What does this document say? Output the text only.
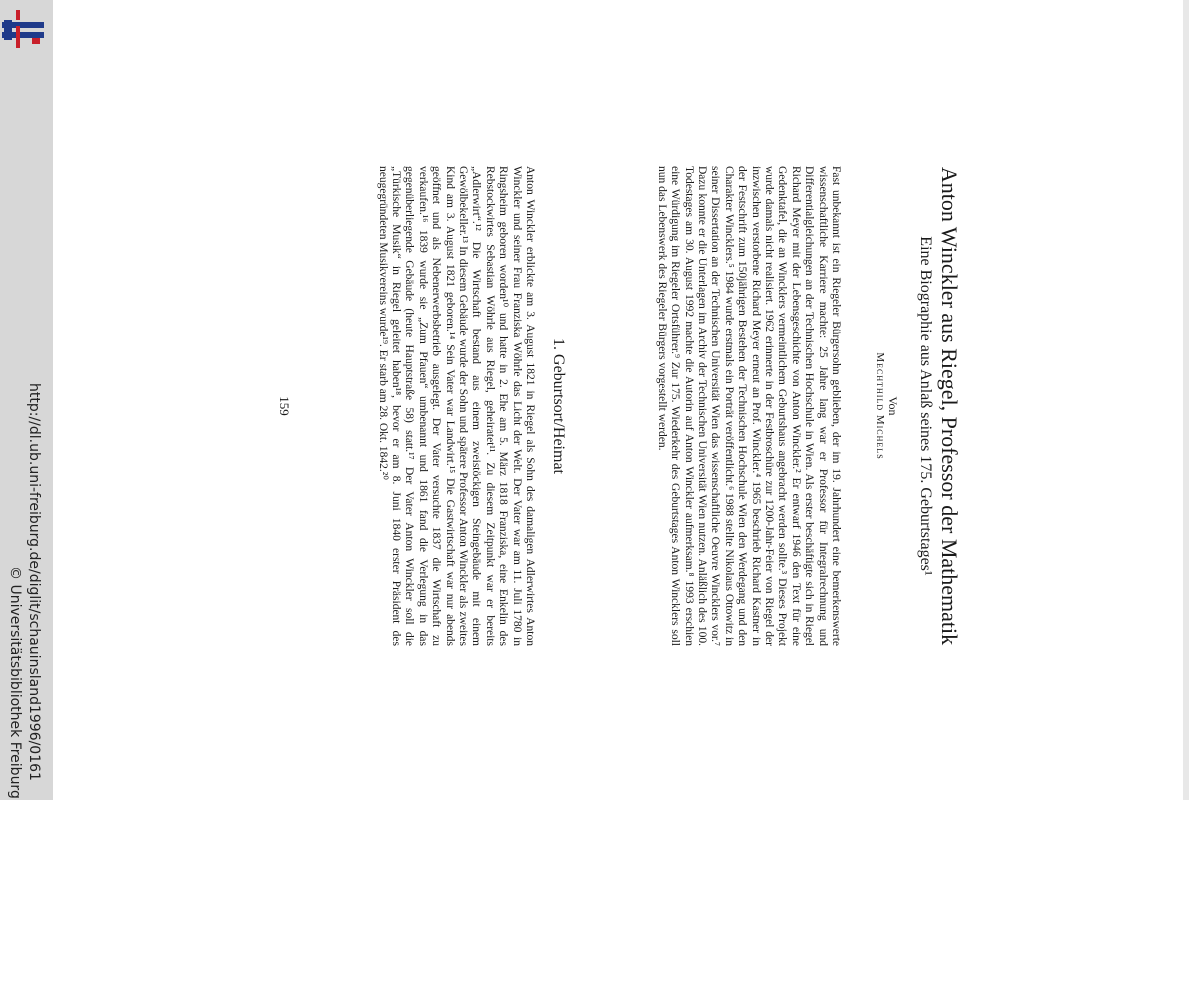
http://dl.ub.uni-freiburg.de/diglit/schauinsland1996/0161
© Universitätsbibliothek Freiburg
Anton Winckler aus Riegel, Professor der Mathematik
Eine Biographie aus Anlaß seines 175. Geburtstages¹
Von
Mechthild Michels
Fast unbekannt ist ein Riegeler Bürgersohn geblieben, der im 19. Jahrhundert eine bemerkenswerte wissenschaftliche Karriere machte: 25 Jahre lang war er Professor für Integralrechnung und Differentialgleichungen an der Technischen Hochschule in Wien. Als erster beschäftigte sich in Riegel Richard Meyer mit der Lebensgeschichte von Anton Winckler.² Er entwarf 1946 den Text für eine Gedenktafel, die an Wincklers vermeintlichem Geburtshaus angebracht werden sollte.³ Dieses Projekt wurde damals nicht realisiert. 1962 erinnerte in der Festbroschüre zur 1200-Jahr-Feier von Riegel der inzwischen verstorbene Richard Meyer erneut an Prof. Winckler.⁴ 1965 beschrieb Richard Kastner in der Festschrift zum 150jährigen Bestehen der Technischen Hochschule Wien den Werdegang und den Charakter Wincklers.⁵ 1984 wurde erstmals ein Porträt veröffentlicht.⁶ 1988 stellte Nikolaus Ottowitz in seiner Dissertation an der Technischen Universität Wien das wissenschaftliche Oeuvre Wincklers vor.⁷ Dazu konnte er die Unterlagen im Archiv der Technischen Universität Wien nutzen. Anläßlich des 100. Todestages am 30. August 1992 machte die Autorin auf Anton Winckler aufmerksam.⁸ 1993 erschien eine Würdigung im Riegeler Ortsführer.⁹ Zur 175. Wiederkehr des Geburtstages Anton Wincklers soll nun das Lebenswerk des Riegeler Bürgers vorgestellt werden.
1. Geburtsort/Heimat
Anton Winckler erblickte am 3. August 1821 in Riegel als Sohn des damaligen Adlerwirtes Anton Winckler und seiner Frau Franziska Wöhrle das Licht der Welt. Der Vater war am 11. Juli 1780 in Ringsheim geboren worden¹⁰ und hatte in 2. Ehe am 5. März 1818 Franziska, eine Enkelin des Rebstockwirtes Sebastian Wöhrle aus Riegel, geheiratet¹¹. Zu diesem Zeitpunkt war er bereits „Adlerwirt“.¹² Die Wirtschaft bestand aus einem zweistöckigen Steingebäude mit einem Gewölbekeller.¹³ In diesem Gebäude wurde der Sohn und spätere Professor Anton Winckler als zweites Kind am 3. August 1821 geboren.¹⁴ Sein Vater war Landwirt.¹⁵ Die Gastwirtschaft war nur abends geöffnet und als Nebenerwerbsbetrieb ausgelegt. Der Vater versuchte 1837 die Wirtschaft zu verkaufen.¹⁶ 1839 wurde sie „Zum Pfauen“ umbenannt und 1861 fand die Verlegung in das gegenüberliegende Gebäude (heute Hauptstraße 58) statt.¹⁷ Der Vater Anton Winckler soll die „Türkische Musik“ in Riegel geleitet haben¹⁸, bevor er am 8. Juni 1840 erster Präsident des neugegründeten Musikvereins wurde¹⁹. Er starb am 28. Okt. 1842.²⁰
159
